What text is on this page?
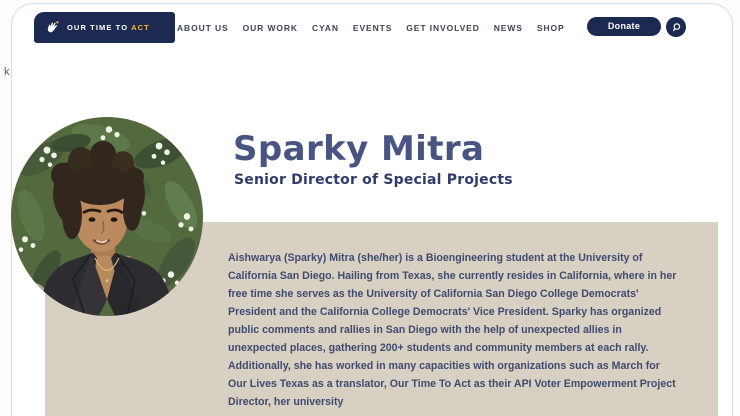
k
OUR TIME TO ACT	ABOUT US OUR WORK CYAN EVENTS GET INVOLVED NEWS SHOP	Donate
Sparky Mitra
Senior Director of Special Projects

Aishwarya (Sparky) Mitra (she/her) is a Bioengineering student at the University of California San Diego. Hailing from Texas, she currently resides in California, where in her free time she serves as the University of California San Diego College Democrats' President and the California College Democrats' Vice President. Sparky has organized public comments and rallies in San Diego with the help of unexpected allies in unexpected places, gathering 200+ students and community members at each rally. Additionally, she has worked in many capacities with organizations such as March for Our Lives Texas as a translator, Our Time To Act as their API Voter Empowerment Project Director, her university
